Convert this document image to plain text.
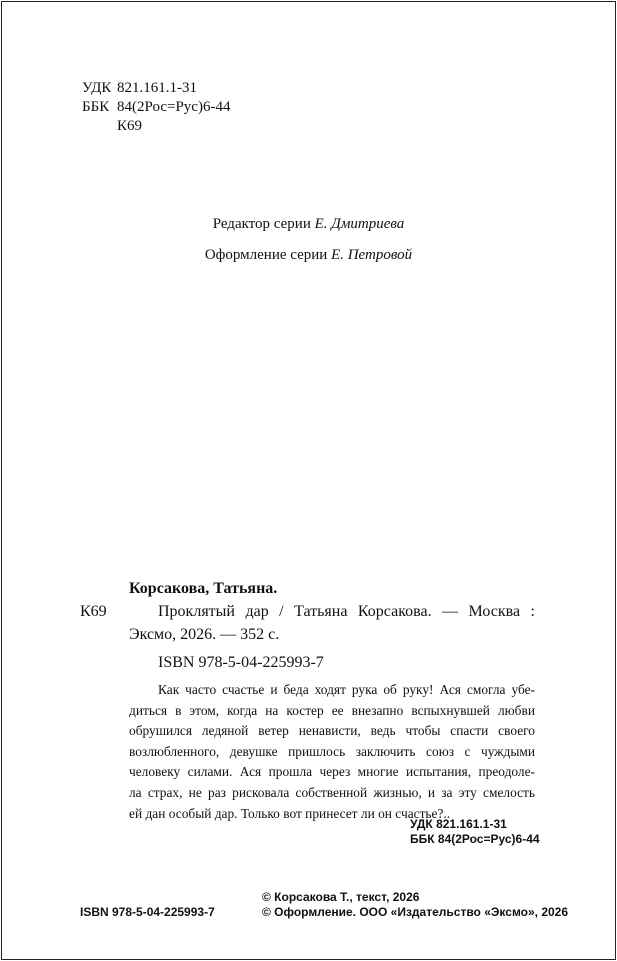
УДК 821.161.1-31
ББК 84(2Рос=Рус)6-44
К69
Редактор серии Е. Дмитриева
Оформление серии Е. Петровой
Корсакова, Татьяна.
К69	Проклятый дар / Татьяна Корсакова. — Москва :
Эксмо, 2026. — 352 с.
ISBN 978-5-04-225993-7
Как часто счастье и беда ходят рука об руку! Ася смогла убе-
диться в этом, когда на костер ее внезапно вспыхнувшей любви
обрушился ледяной ветер ненависти, ведь чтобы спасти своего
возлюбленного, девушке пришлось заключить союз с чуждыми
человеку силами. Ася прошла через многие испытания, преодоле-
ла страх, не раз рисковала собственной жизнью, и за эту смелость
ей дан особый дар. Только вот принесет ли он счастье?..
УДК 821.161.1-31
ББК 84(2Рос=Рус)6-44
ISBN 978-5-04-225993-7
© Корсакова Т., текст, 2026
© Оформление. ООО «Издательство «Эксмо», 2026
